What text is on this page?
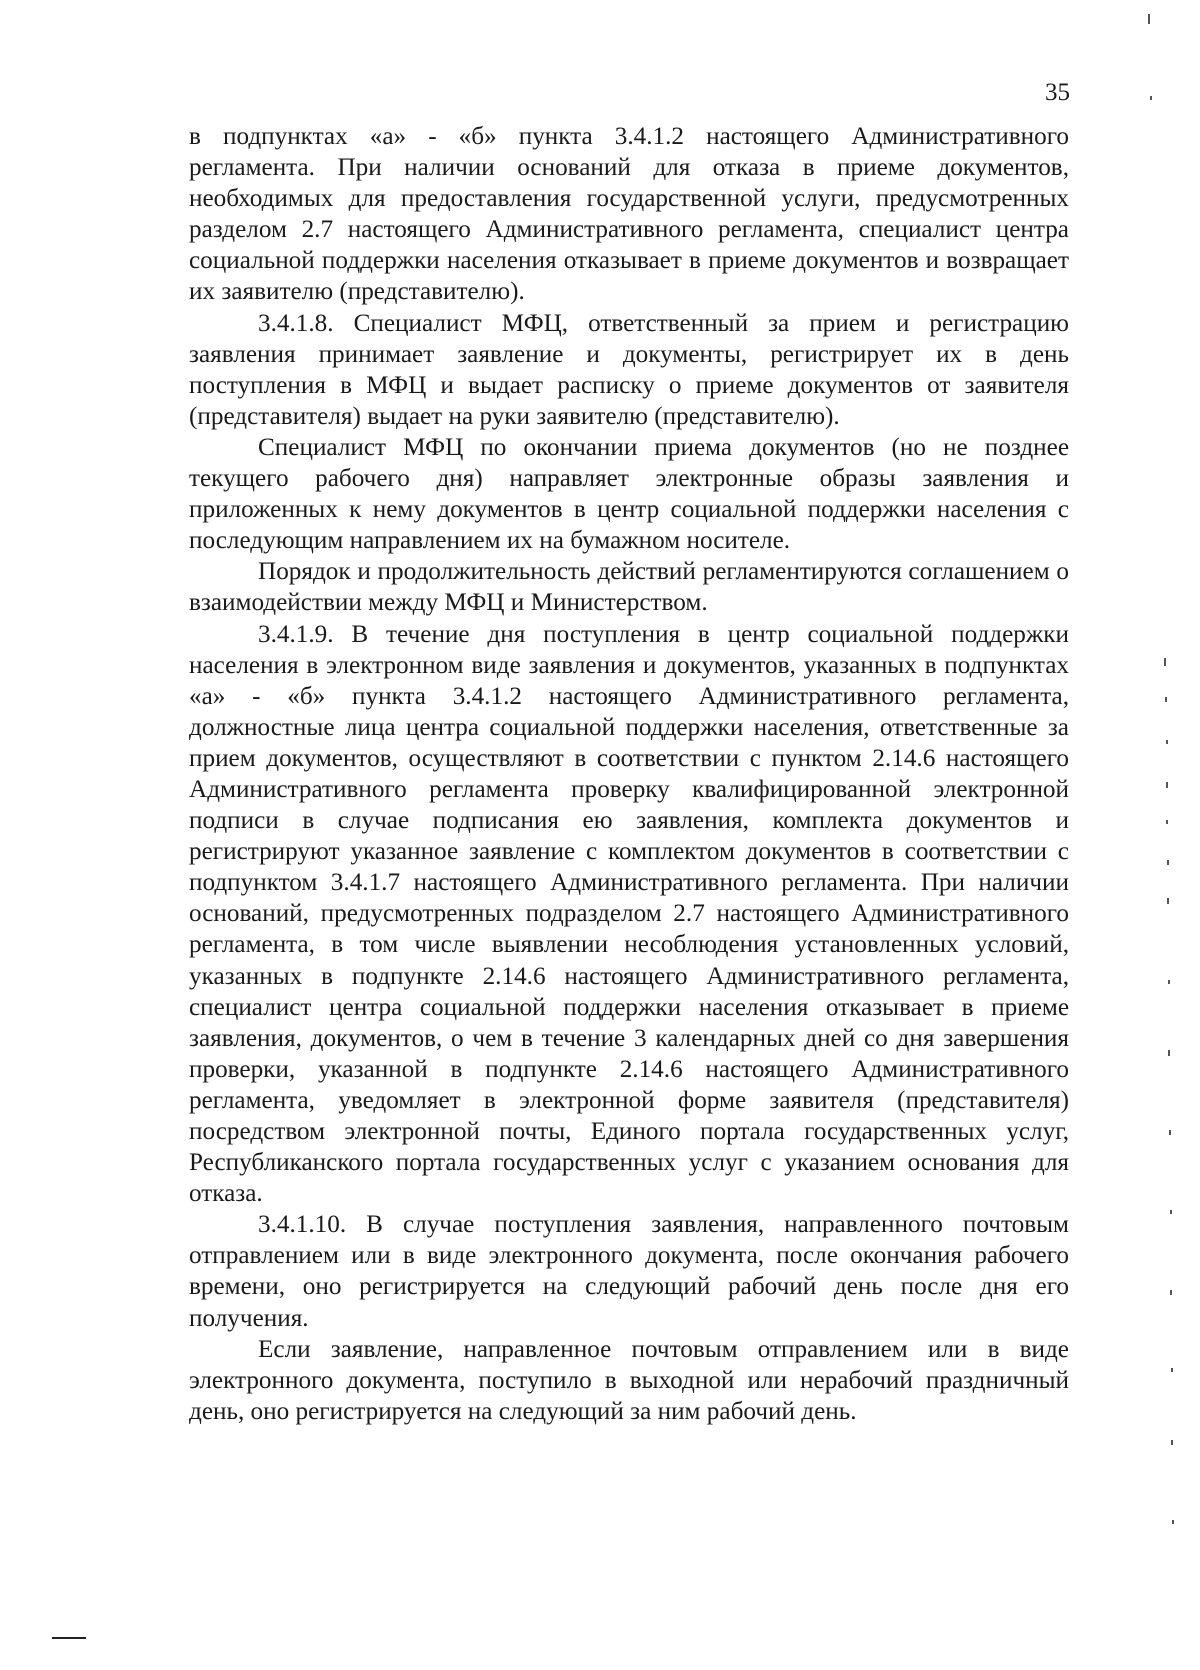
35

в подпунктах «а» - «б» пункта 3.4.1.2 настоящего Административного регламента. При наличии оснований для отказа в приеме документов, необходимых для предоставления государственной услуги, предусмотренных разделом 2.7 настоящего Административного регламента, специалист центра социальной поддержки населения отказывает в приеме документов и возвращает их заявителю (представителю).

3.4.1.8. Специалист МФЦ, ответственный за прием и регистрацию заявления принимает заявление и документы, регистрирует их в день поступления в МФЦ и выдает расписку о приеме документов от заявителя (представителя) выдает на руки заявителю (представителю).

Специалист МФЦ по окончании приема документов (но не позднее текущего рабочего дня) направляет электронные образы заявления и приложенных к нему документов в центр социальной поддержки населения с последующим направлением их на бумажном носителе.

Порядок и продолжительность действий регламентируются соглашением о взаимодействии между МФЦ и Министерством.

3.4.1.9. В течение дня поступления в центр социальной поддержки населения в электронном виде заявления и документов, указанных в подпунктах «а» - «б» пункта 3.4.1.2 настоящего Административного регламента, должностные лица центра социальной поддержки населения, ответственные за прием документов, осуществляют в соответствии с пунктом 2.14.6 настоящего Административного регламента проверку квалифицированной электронной подписи в случае подписания ею заявления, комплекта документов и регистрируют указанное заявление с комплектом документов в соответствии с подпунктом 3.4.1.7 настоящего Административного регламента. При наличии оснований, предусмотренных подразделом 2.7 настоящего Административного регламента, в том числе выявлении несоблюдения установленных условий, указанных в подпункте 2.14.6 настоящего Административного регламента, специалист центра социальной поддержки населения отказывает в приеме заявления, документов, о чем в течение 3 календарных дней со дня завершения проверки, указанной в подпункте 2.14.6 настоящего Административного регламента, уведомляет в электронной форме заявителя (представителя) посредством электронной почты, Единого портала государственных услуг, Республиканского портала государственных услуг с указанием основания для отказа.

3.4.1.10. В случае поступления заявления, направленного почтовым отправлением или в виде электронного документа, после окончания рабочего времени, оно регистрируется на следующий рабочий день после дня его получения.

Если заявление, направленное почтовым отправлением или в виде электронного документа, поступило в выходной или нерабочий праздничный день, оно регистрируется на следующий за ним рабочий день.
